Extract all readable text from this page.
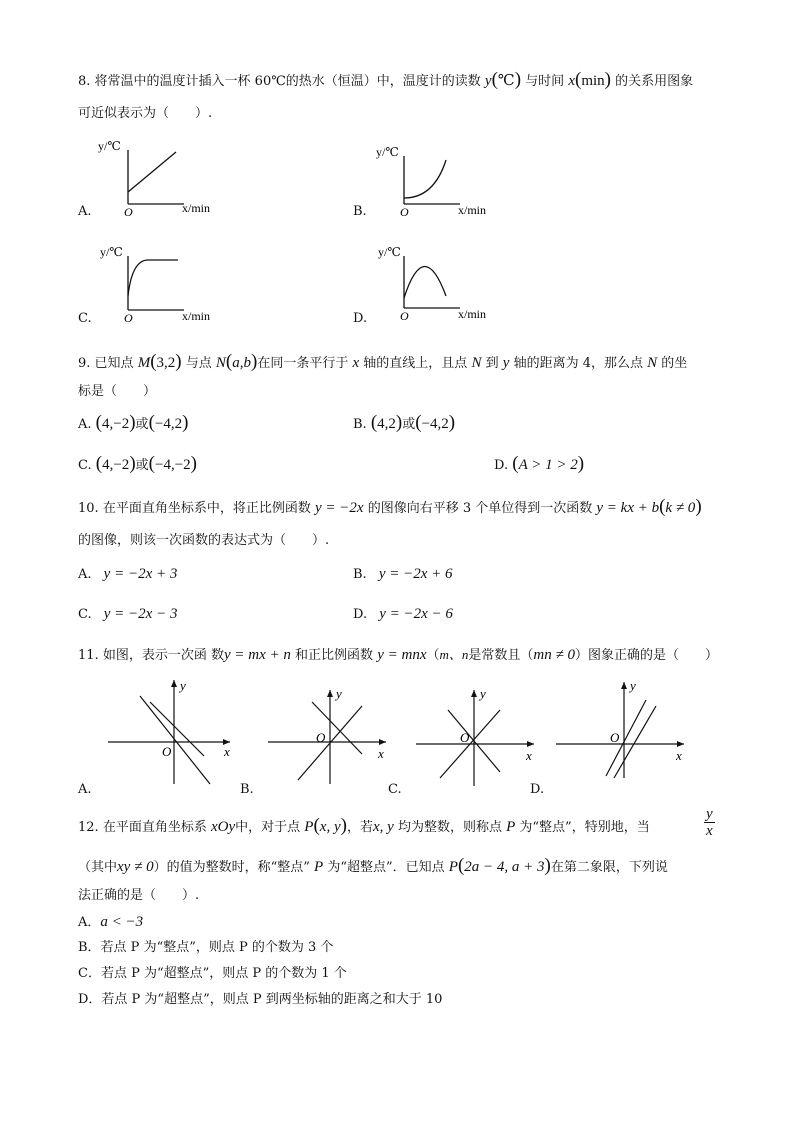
8. 将常温中的温度计插入一杯 60℃的热水（恒温）中，温度计的读数 y(℃) 与时间 x(min) 的关系用图象
可近似表示为（　　）.
A.
y/℃
O	x/min	B.
y/℃
O	x/min
C.
y/℃
O	x/min	D.
y/℃
O	x/min
9. 已知点 M(3,2) 与点 N(a,b)在同一条平行于 x 轴的直线上，且点 N 到 y 轴的距离为 4，那么点 N 的坐
标是（　　）
A. (4,−2)或(−4,2)	B. (4,2)或(−4,2)
C. (4,−2)或(−4,−2)	D. (A > 1 > 2)
10. 在平面直角坐标系中，将正比例函数 y = −2x 的图像向右平移 3 个单位得到一次函数 y = kx + b(k ≠ 0)
的图像，则该一次函数的表达式为（　　）.
A. y = −2x + 3	B. y = −2x + 6
C. y = −2x − 3	D. y = −2x − 6
11. 如图，表示一次函 数y = mx + n 和正比例函数 y = mnx（m、n是常数且（mn ≠ 0）图象正确的是（　　）
A.
y
x
O
B.
y
x
O
C.
y
x
O
D.
y
x
O
12. 在平面直角坐标系 xOy中，对于点 P(x, y)，若x, y 均为整数，则称点 P 为“整点”，特别地，当	$\frac{y}{x}$
（其中xy ≠ 0）的值为整数时，称“整点” P 为“超整点”．已知点 P(2a − 4, a + 3)在第二象限，下列说
法正确的是（　　）.
A．a < −3
B．若点 P 为“整点”，则点 P 的个数为 3 个
C．若点 P 为“超整点”，则点 P 的个数为 1 个
D．若点 P 为“超整点”，则点 P 到两坐标轴的距离之和大于 10
